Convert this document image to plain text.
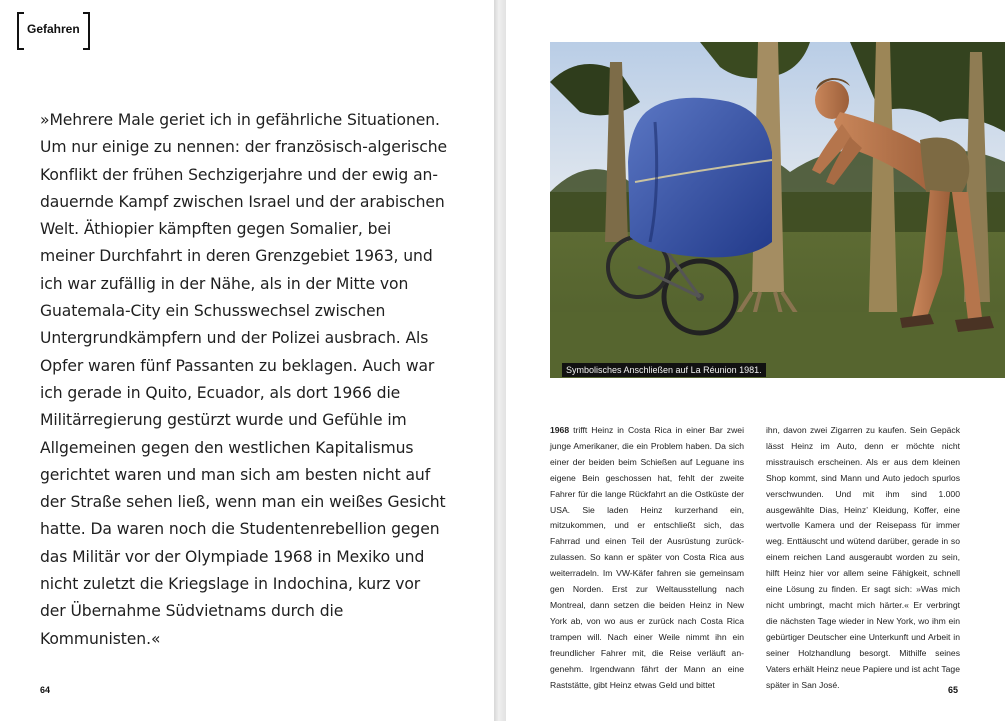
Gefahren
»Mehrere Male geriet ich in gefährliche Situationen. Um nur einige zu nennen: der französisch-algerische Konflikt der frühen Sechzigerjahre und der ewig andauernde Kampf zwischen Israel und der arabischen Welt. Äthiopier kämpften gegen Somalier, bei meiner Durchfahrt in deren Grenzgebiet 1963, und ich war zufällig in der Nähe, als in der Mitte von Guatemala-City ein Schusswechsel zwischen Untergrundkämpfern und der Polizei ausbrach. Als Opfer waren fünf Passanten zu beklagen. Auch war ich gerade in Quito, Ecuador, als dort 1966 die Militärregierung gestürzt wurde und Gefühle im Allgemeinen gegen den westlichen Kapitalismus gerichtet waren und man sich am besten nicht auf der Straße sehen ließ, wenn man ein weißes Gesicht hatte. Da waren noch die Studentenrebellion gegen das Militär vor der Olympiade 1968 in Mexiko und nicht zuletzt die Kriegslage in Indochina, kurz vor der Übernahme Südvietnams durch die Kommunisten.«
64
Symbolisches Anschließen auf La Réunion 1981.
1968 trifft Heinz in Costa Rica in einer Bar zwei junge Amerikaner, die ein Problem haben. Da sich einer der beiden beim Schießen auf Leguane ins eigene Bein geschossen hat, fehlt der zweite Fahrer für die lange Rückfahrt an die Ostküste der USA. Sie laden Heinz kurzerhand ein, mitzukommen, und er entschließt sich, das Fahrrad und einen Teil der Ausrüstung zurückzulassen. So kann er später von Costa Rica aus weiterradeln. Im VW-Käfer fahren sie gemeinsam gen Norden. Erst zur Weltausstellung nach Montreal, dann setzen die beiden Heinz in New York ab, von wo aus er zurück nach Costa Rica trampen will. Nach einer Weile nimmt ihn ein freundlicher Fahrer mit, die Reise verläuft angenehm. Irgendwann fährt der Mann an eine Raststätte, gibt Heinz etwas Geld und bittet
ihn, davon zwei Zigarren zu kaufen. Sein Gepäck lässt Heinz im Auto, denn er möchte nicht misstrauisch erscheinen. Als er aus dem kleinen Shop kommt, sind Mann und Auto jedoch spurlos verschwunden. Und mit ihm sind 1.000 ausgewählte Dias, Heinz’ Kleidung, Koffer, eine wertvolle Kamera und der Reisepass für immer weg. Enttäuscht und wütend darüber, gerade in so einem reichen Land ausgeraubt worden zu sein, hilft Heinz hier vor allem seine Fähigkeit, schnell eine Lösung zu finden. Er sagt sich: »Was mich nicht umbringt, macht mich härter.« Er verbringt die nächsten Tage wieder in New York, wo ihm ein gebürtiger Deutscher eine Unterkunft und Arbeit in seiner Holzhandlung besorgt. Mithilfe seines Vaters erhält Heinz neue Papiere und ist acht Tage später in San José.
65
